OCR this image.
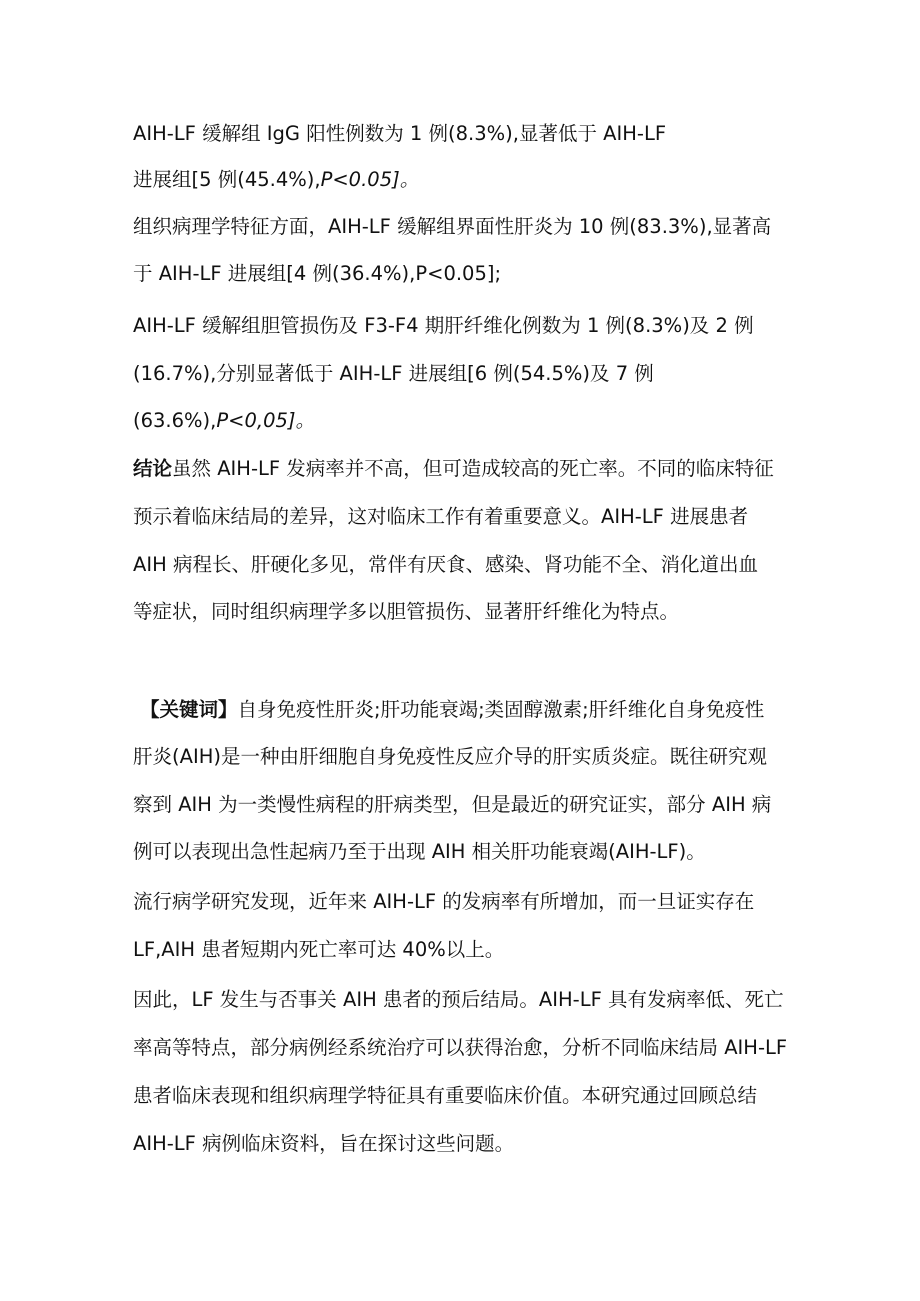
AIH-LF 缓解组 IgG 阳性例数为 1 例(8.3%),显著低于 AIH-LF
进展组[5 例(45.4%),P<0.05]。
组织病理学特征方面，AIH-LF 缓解组界面性肝炎为 10 例(83.3%),显著高
于 AIH-LF 进展组[4 例(36.4%),P<0.05];
AIH-LF 缓解组胆管损伤及 F3-F4 期肝纤维化例数为 1 例(8.3%)及 2 例
(16.7%),分别显著低于 AIH-LF 进展组[6 例(54.5%)及 7 例
(63.6%),P<0,05]。
结论虽然 AIH-LF 发病率并不高，但可造成较高的死亡率。不同的临床特征
预示着临床结局的差异，这对临床工作有着重要意义。AIH-LF 进展患者
AIH 病程长、肝硬化多见，常伴有厌食、感染、肾功能不全、消化道出血
等症状，同时组织病理学多以胆管损伤、显著肝纤维化为特点。
【关键词】自身免疫性肝炎;肝功能衰竭;类固醇激素;肝纤维化自身免疫性
肝炎(AIH)是一种由肝细胞自身免疫性反应介导的肝实质炎症。既往研究观
察到 AIH 为一类慢性病程的肝病类型，但是最近的研究证实，部分 AIH 病
例可以表现出急性起病乃至于出现 AIH 相关肝功能衰竭(AIH-LF)。
流行病学研究发现，近年来 AIH-LF 的发病率有所增加，而一旦证实存在
LF,AIH 患者短期内死亡率可达 40%以上。
因此，LF 发生与否事关 AIH 患者的预后结局。AIH-LF 具有发病率低、死亡
率高等特点，部分病例经系统治疗可以获得治愈，分析不同临床结局 AIH-LF
患者临床表现和组织病理学特征具有重要临床价值。本研究通过回顾总结
AIH-LF 病例临床资料，旨在探讨这些问题。
